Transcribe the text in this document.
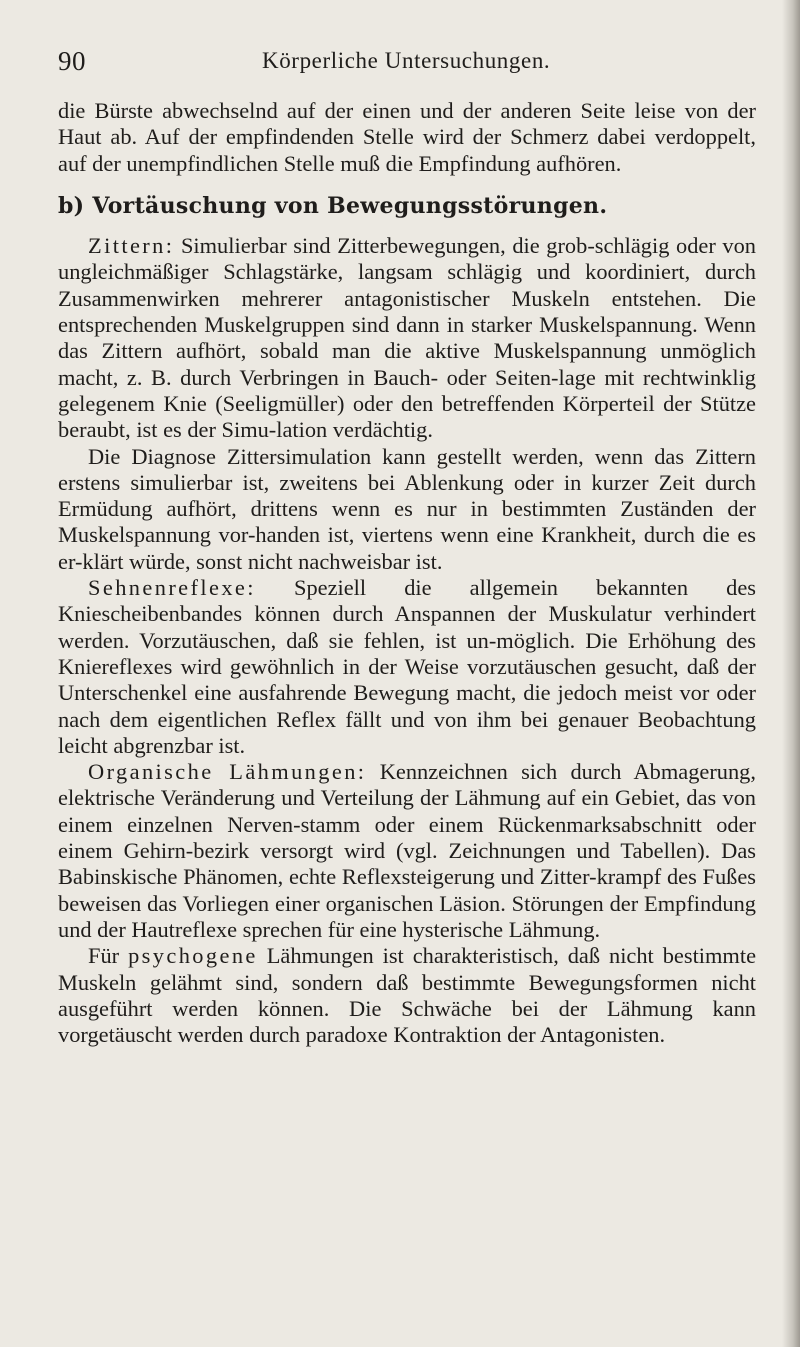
90	Körperliche Untersuchungen.

die Bürste abwechselnd auf der einen und der anderen Seite leise von der Haut ab. Auf der empfindenden Stelle wird der Schmerz dabei verdoppelt, auf der unempfindlichen Stelle muß die Empfindung aufhören.

b) Vortäuschung von Bewegungsstörungen.

Zittern: Simulierbar sind Zitterbewegungen, die grob-schlägig oder von ungleichmäßiger Schlagstärke, langsam schlägig und koordiniert, durch Zusammenwirken mehrerer antagonistischer Muskeln entstehen. Die entsprechenden Muskelgruppen sind dann in starker Muskelspannung. Wenn das Zittern aufhört, sobald man die aktive Muskelspannung unmöglich macht, z. B. durch Verbringen in Bauch- oder Seiten-lage mit rechtwinklig gelegenem Knie (Seeligmüller) oder den betreffenden Körperteil der Stütze beraubt, ist es der Simu-lation verdächtig.

Die Diagnose Zittersimulation kann gestellt werden, wenn das Zittern erstens simulierbar ist, zweitens bei Ablenkung oder in kurzer Zeit durch Ermüdung aufhört, drittens wenn es nur in bestimmten Zuständen der Muskelspannung vor-handen ist, viertens wenn eine Krankheit, durch die es er-klärt würde, sonst nicht nachweisbar ist.

Sehnenreflexe: Speziell die allgemein bekannten des Kniescheibenbandes können durch Anspannen der Muskulatur verhindert werden. Vorzutäuschen, daß sie fehlen, ist un-möglich. Die Erhöhung des Kniereflexes wird gewöhnlich in der Weise vorzutäuschen gesucht, daß der Unterschenkel eine ausfahrende Bewegung macht, die jedoch meist vor oder nach dem eigentlichen Reflex fällt und von ihm bei genauer Beobachtung leicht abgrenzbar ist.

Organische Lähmungen: Kennzeichnen sich durch Abmagerung, elektrische Veränderung und Verteilung der Lähmung auf ein Gebiet, das von einem einzelnen Nerven-stamm oder einem Rückenmarksabschnitt oder einem Gehirn-bezirk versorgt wird (vgl. Zeichnungen und Tabellen). Das Babinskische Phänomen, echte Reflexsteigerung und Zitter-krampf des Fußes beweisen das Vorliegen einer organischen Läsion. Störungen der Empfindung und der Hautreflexe sprechen für eine hysterische Lähmung.

Für psychogene Lähmungen ist charakteristisch, daß nicht bestimmte Muskeln gelähmt sind, sondern daß bestimmte Bewegungsformen nicht ausgeführt werden können. Die Schwäche bei der Lähmung kann vorgetäuscht werden durch paradoxe Kontraktion der Antagonisten.
